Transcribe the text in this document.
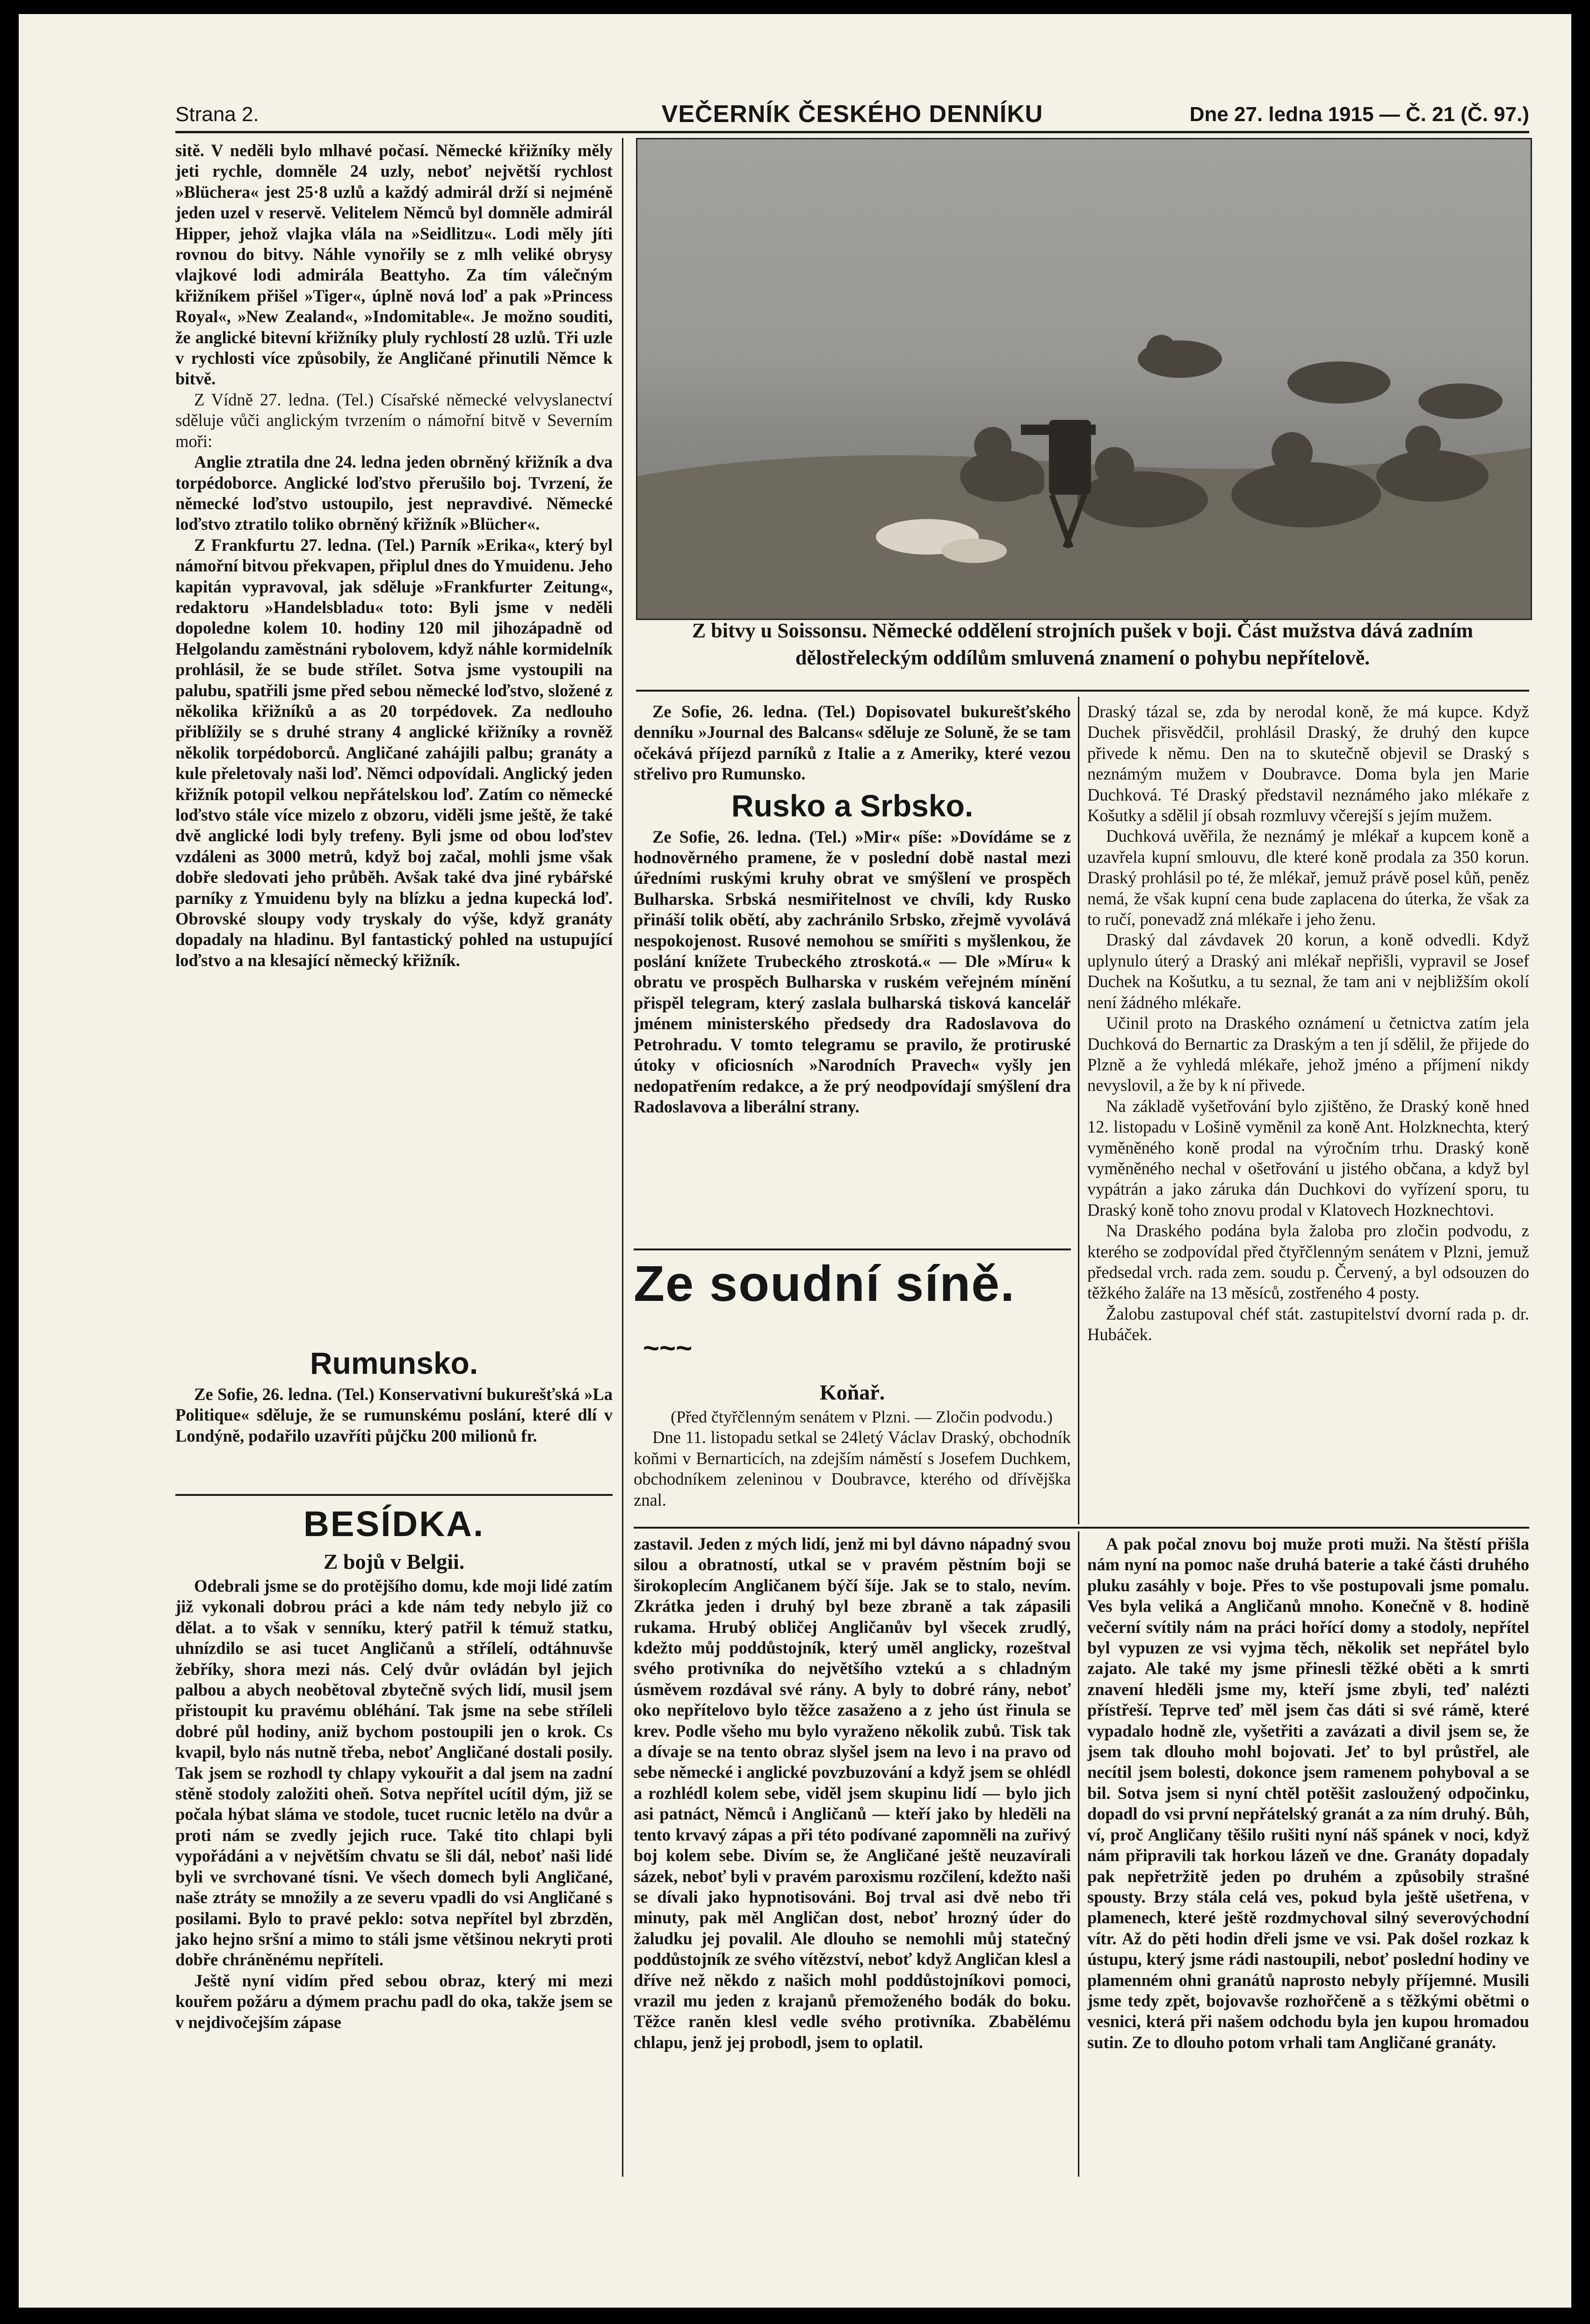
Strana 2.	VEČERNÍK ČESKÉHO DENNÍKU	Dne 27. ledna 1915 — Č. 21 (Č. 97.)

sitě. V neděli bylo mlhavé počasí. Německé křižníky měly jeti rychle, domněle 24 uzly, neboť největší rychlost »Blüchera« jest 25·8 uzlů a každý admirál drží si nejméně jeden uzel v reservě. Velitelem Němců byl domněle admirál Hipper, jehož vlajka vlála na »Seidlitzu«. Lodi měly jíti rovnou do bitvy. Náhle vynořily se z mlh veliké obrysy vlajkové lodi admirála Beattyho. Za tím válečným křižníkem přišel »Tiger«, úplně nová loď a pak »Princess Royal«, »New Zealand«, »Indomitable«. Je možno souditi, že anglické bitevní křižníky pluly rychlostí 28 uzlů. Tři uzle v rychlosti více způsobily, že Angličané přinutili Němce k bitvě.

Z Vídně 27. ledna. (Tel.) Císařské německé velvyslanectví sděluje vůči anglickým tvrzením o námořní bitvě v Severním moři:

Anglie ztratila dne 24. ledna jeden obrněný křižník a dva torpédoborce. Anglické loďstvo přerušilo boj. Tvrzení, že německé loďstvo ustoupilo, jest nepravdivé. Německé loďstvo ztratilo toliko obrněný křižník »Blücher«.

Z Frankfurtu 27. ledna. (Tel.) Parník »Erika«, který byl námořní bitvou překvapen, připlul dnes do Ymuidenu. Jeho kapitán vypravoval, jak sděluje »Frankfurter Zeitung«, redaktoru »Handelsbladu« toto: Byli jsme v neděli dopoledne kolem 10. hodiny 120 mil jihozápadně od Helgolandu zaměstnáni rybolovem, když náhle kormidelník prohlásil, že se bude střílet. Sotva jsme vystoupili na palubu, spatřili jsme před sebou německé loďstvo, složené z několika křižníků a as 20 torpédovek. Za nedlouho přiblížily se s druhé strany 4 anglické křižníky a rovněž několik torpédoborců. Angličané zahájili palbu; granáty a kule přeletovaly naši loď. Němci odpovídali. Anglický jeden křižník potopil velkou nepřátelskou loď. Zatím co německé loďstvo stále více mizelo z obzoru, viděli jsme ještě, že také dvě anglické lodi byly trefeny. Byli jsme od obou loďstev vzdáleni as 3000 metrů, když boj začal, mohli jsme však dobře sledovati jeho průběh. Avšak také dva jiné rybářské parníky z Ymuidenu byly na blízku a jedna kupecká loď. Obrovské sloupy vody tryskaly do výše, když granáty dopadaly na hladinu. Byl fantastický pohled na ustupující loďstvo a na klesající německý křižník.

Rumunsko.

Ze Sofie, 26. ledna. (Tel.) Konservativní bukurešťská »La Politique« sděluje, že se rumunskému poslání, které dlí v Londýně, podařilo uzavříti půjčku 200 milionů fr.

BESÍDKA.
Z bojů v Belgii.

Odebrali jsme se do protějšího domu, kde moji lidé zatím již vykonali dobrou práci a kde nám tedy nebylo již co dělat. a to však v senníku, který patřil k témuž statku, uhnízdilo se asi tucet Angličanů a střílelí, odtáhnuvše žebříky, shora mezi nás. Celý dvůr ovládán byl jejich palbou a abych neobětoval zbytečně svých lidí, musil jsem přistoupit ku pravému obléhání. Tak jsme na sebe stříleli dobré půl hodiny, aniž bychom postoupili jen o krok. Cs kvapil, bylo nás nutně třeba, neboť Angličané dostali posily. Tak jsem se rozhodl ty chlapy vykouřit a dal jsem na zadní stěně stodoly založiti oheň. Sotva nepřítel ucítil dým, již se počala hýbat sláma ve stodole, tucet rucnic letělo na dvůr a proti nám se zvedly jejich ruce. Také tito chlapi byli vypořádáni a v největším chvatu se šli dál, neboť naši lidé byli ve svrchované tísni. Ve všech domech byli Angličané, naše ztráty se množily a ze severu vpadli do vsi Angličané s posilami. Bylo to pravé peklo: sotva nepřítel byl zbrzděn, jako hejno sršní a mimo to stáli jsme většinou nekryti proti dobře chráněnému nepříteli.

Ještě nyní vidím před sebou obraz, který mi mezi kouřem požáru a dýmem prachu padl do oka, takže jsem se v nejdivočejším zápase

Z bitvy u Soissonsu. Německé oddělení strojních pušek v boji. Část mužstva dává zadním dělostřeleckým oddílům smluvená znamení o pohybu nepřítelově.

Ze Sofie, 26. ledna. (Tel.) Dopisovatel bukurešťského denníku »Journal des Balcans« sděluje ze Soluně, že se tam očekává příjezd parníků z Italie a z Ameriky, které vezou střelivo pro Rumunsko.

Rusko a Srbsko.

Ze Sofie, 26. ledna. (Tel.) »Mir« píše: »Dovídáme se z hodnověrného pramene, že v poslední době nastal mezi úředními ruskými kruhy obrat ve smýšlení ve prospěch Bulharska. Srbská nesmiřitelnost ve chvíli, kdy Rusko přináší tolik obětí, aby zachránilo Srbsko, zřejmě vyvolává nespokojenost. Rusové nemohou se smířiti s myšlenkou, že poslání knížete Trubeckého ztroskotá.« — Dle »Míru« k obratu ve prospěch Bulharska v ruském veřejném mínění přispěl telegram, který zaslala bulharská tisková kancelář jménem ministerského předsedy dra Radoslavova do Petrohradu. V tomto telegramu se pravilo, že protiruské útoky v oficiosních »Narodních Pravech« vyšly jen nedopatřením redakce, a že prý neodpovídají smýšlení dra Radoslavova a liberální strany.

Ze soudní síně.~~~
Koňař.

(Před čtyřčlenným senátem v Plzni. — Zločin podvodu.)

Dne 11. listopadu setkal se 24letý Václav Draský, obchodník koňmi v Bernarticích, na zdejším náměstí s Josefem Duchkem, obchodníkem zeleninou v Doubravce, kterého od dřívějška znal.

Draský tázal se, zda by nerodal koně, že má kupce. Když Duchek přisvědčil, prohlásil Draský, že druhý den kupce přivede k němu. Den na to skutečně objevil se Draský s neznámým mužem v Doubravce. Doma byla jen Marie Duchková. Té Draský představil neznámého jako mlékaře z Košutky a sdělil jí obsah rozmluvy včerejší s jejím mužem.

Duchková uvěřila, že neznámý je mlékař a kupcem koně a uzavřela kupní smlouvu, dle které koně prodala za 350 korun. Draský prohlásil po té, že mlékař, jemuž právě posel kůň, peněz nemá, že však kupní cena bude zaplacena do úterka, že však za to ručí, ponevadž zná mlékaře i jeho ženu.

Draský dal závdavek 20 korun, a koně odvedli. Když uplynulo úterý a Draský ani mlékař nepřišli, vypravil se Josef Duchek na Košutku, a tu seznal, že tam ani v nejbližším okolí není žádného mlékaře.

Učinil proto na Draského oznámení u četnictva zatím jela Duchková do Bernartic za Draským a ten jí sdělil, že přijede do Plzně a že vyhledá mlékaře, jehož jméno a příjmení nikdy nevyslovil, a že by k ní přivede.

Na základě vyšetřování bylo zjištěno, že Draský koně hned 12. listopadu v Lošině vyměnil za koně Ant. Holzknechta, který vyměněného koně prodal na výročním trhu. Draský koně vyměněného nechal v ošetřování u jistého občana, a když byl vypátrán a jako záruka dán Duchkovi do vyřízení sporu, tu Draský koně toho znovu prodal v Klatovech Hozknechtovi.

Na Draského podána byla žaloba pro zločin podvodu, z kterého se zodpovídal před čtyřčlenným senátem v Plzni, jemuž předsedal vrch. rada zem. soudu p. Červený, a byl odsouzen do těžkého žaláře na 13 měsíců, zostřeného 4 posty.

Žalobu zastupoval chéf stát. zastupitelství dvorní rada p. dr. Hubáček.

zastavil. Jeden z mých lidí, jenž mi byl dávno nápadný svou silou a obratností, utkal se v pravém pěstním boji se širokoplecím Angličanem býčí šíje. Jak se to stalo, nevím. Zkrátka jeden i druhý byl beze zbraně a tak zápasili rukama. Hrubý obličej Angličanův byl všecek zrudlý, kdežto můj poddůstojník, který uměl anglicky, rozeštval svého protivníka do největšího vztekú a s chladným úsměvem rozdával své rány. A byly to dobré rány, neboť oko nepřítelovo bylo těžce zasaženo a z jeho úst řinula se krev. Podle všeho mu bylo vyraženo několik zubů. Tisk tak a dívaje se na tento obraz slyšel jsem na levo i na pravo od sebe německé i anglické povzbuzování a když jsem se ohlédl a rozhlédl kolem sebe, viděl jsem skupinu lidí — bylo jich asi patnáct, Němců i Angličanů — kteří jako by hleděli na tento krvavý zápas a při této podívané zapomněli na zuřivý boj kolem sebe. Divím se, že Angličané ještě neuzavírali sázek, neboť byli v pravém paroxismu rozčilení, kdežto naši se dívali jako hypnotisováni. Boj trval asi dvě nebo tři minuty, pak měl Angličan dost, neboť hrozný úder do žaludku jej povalil. Ale dlouho se nemohli můj statečný poddůstojník ze svého vítězství, neboť když Angličan klesl a dříve než někdo z našich mohl poddůstojníkovi pomoci, vrazil mu jeden z krajanů přemoženého bodák do boku. Těžce raněn klesl vedle svého protivníka. Zbabělému chlapu, jenž jej probodl, jsem to oplatil.

A pak počal znovu boj muže proti muži. Na štěstí přišla nám nyní na pomoc naše druhá baterie a také části druhého pluku zasáhly v boje. Přes to vše postupovali jsme pomalu. Ves byla veliká a Angličanů mnoho. Konečně v 8. hodině večerní svítily nám na práci hořící domy a stodoly, nepřítel byl vypuzen ze vsi vyjma těch, několik set nepřátel bylo zajato. Ale také my jsme přinesli těžké oběti a k smrti znavení hleděli jsme my, kteří jsme zbyli, teď nalézti přístřeší. Teprve teď měl jsem čas dáti si své rámě, které vypadalo hodně zle, vyšetřiti a zavázati a divil jsem se, že jsem tak dlouho mohl bojovati. Jeť to byl průstřel, ale necítil jsem bolesti, dokonce jsem ramenem pohyboval a se bil. Sotva jsem si nyní chtěl potěšit zasloužený odpočinku, dopadl do vsi první nepřátelský granát a za ním druhý. Bůh, ví, proč Angličany těšilo rušiti nyní náš spánek v noci, když nám připravili tak horkou lázeň ve dne. Granáty dopadaly pak nepřetržitě jeden po druhém a způsobily strašné spousty. Brzy stála celá ves, pokud byla ještě ušetřena, v plamenech, které ještě rozdmychoval silný severovýchodní vítr. Až do pěti hodin dřeli jsme ve vsi. Pak došel rozkaz k ústupu, který jsme rádi nastoupili, neboť poslední hodiny ve plamenném ohni granátů naprosto nebyly příjemné. Musili jsme tedy zpět, bojovavše rozhořčeně a s těžkými obětmi o vesnici, která při našem odchodu byla jen kupou hromadou sutin. Ze to dlouho potom vrhali tam Angličané granáty.
